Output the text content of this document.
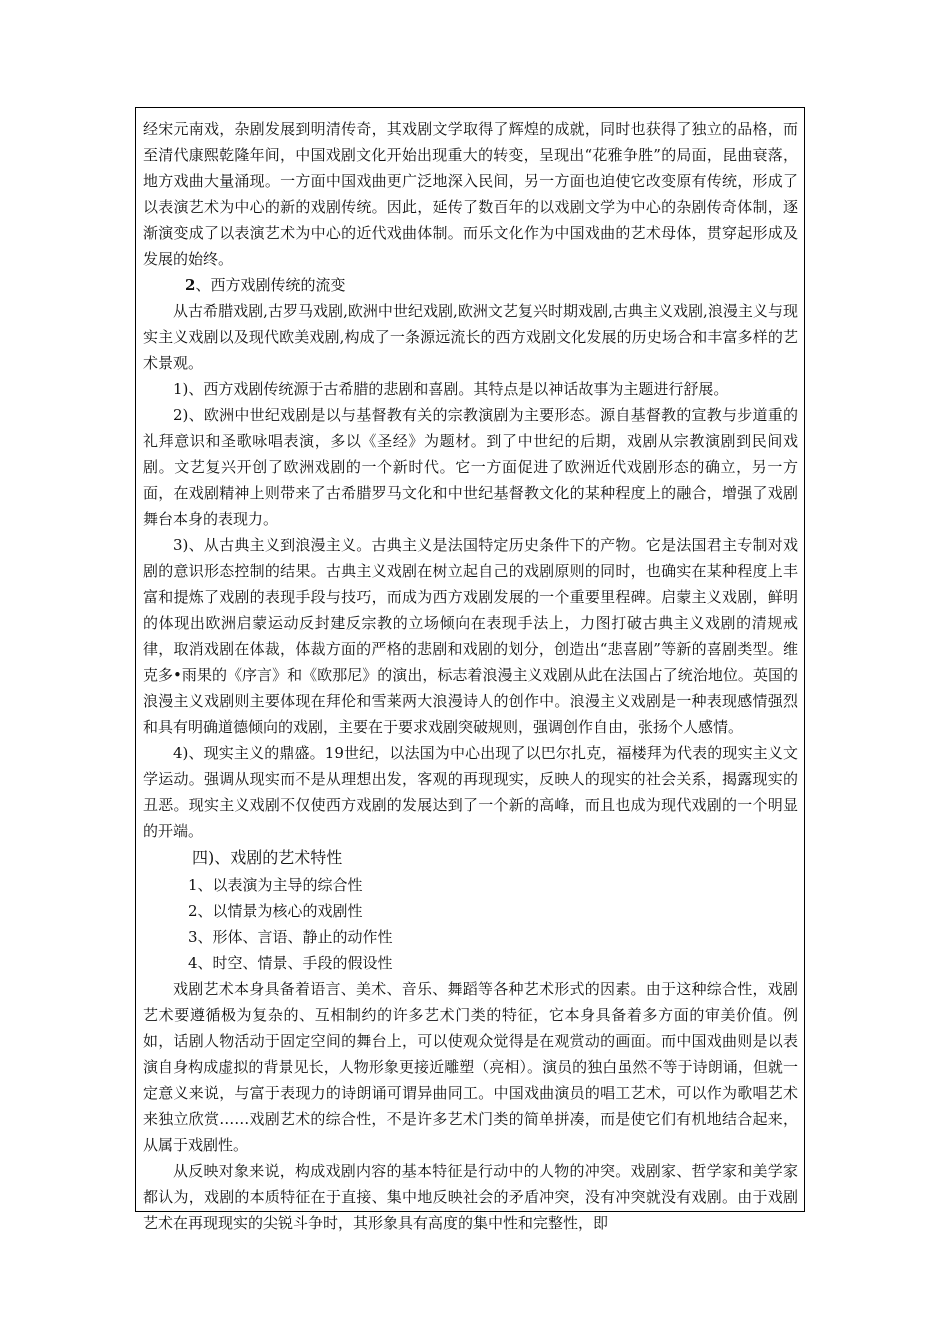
经宋元南戏，杂剧发展到明清传奇，其戏剧文学取得了辉煌的成就，同时也获得了独立的品格，而至清代康熙乾隆年间，中国戏剧文化开始出现重大的转变，呈现出“花雅争胜”的局面，昆曲衰落，地方戏曲大量涌现。一方面中国戏曲更广泛地深入民间，另一方面也迫使它改变原有传统，形成了以表演艺术为中心的新的戏剧传统。因此，延传了数百年的以戏剧文学为中心的杂剧传奇体制，逐渐演变成了以表演艺术为中心的近代戏曲体制。而乐文化作为中国戏曲的艺术母体，贯穿起形成及发展的始终。

2、西方戏剧传统的流变

从古希腊戏剧,古罗马戏剧,欧洲中世纪戏剧,欧洲文艺复兴时期戏剧,古典主义戏剧,浪漫主义与现实主义戏剧以及现代欧美戏剧,构成了一条源远流长的西方戏剧文化发展的历史场合和丰富多样的艺术景观。

1)、西方戏剧传统源于古希腊的悲剧和喜剧。其特点是以神话故事为主题进行舒展。

2)、欧洲中世纪戏剧是以与基督教有关的宗教演剧为主要形态。源自基督教的宣教与步道重的礼拜意识和圣歌咏唱表演，多以《圣经》为题材。到了中世纪的后期，戏剧从宗教演剧到民间戏剧。文艺复兴开创了欧洲戏剧的一个新时代。它一方面促进了欧洲近代戏剧形态的确立，另一方面，在戏剧精神上则带来了古希腊罗马文化和中世纪基督教文化的某种程度上的融合，增强了戏剧舞台本身的表现力。

3)、从古典主义到浪漫主义。古典主义是法国特定历史条件下的产物。它是法国君主专制对戏剧的意识形态控制的结果。古典主义戏剧在树立起自己的戏剧原则的同时，也确实在某种程度上丰富和提炼了戏剧的表现手段与技巧，而成为西方戏剧发展的一个重要里程碑。启蒙主义戏剧，鲜明的体现出欧洲启蒙运动反封建反宗教的立场倾向在表现手法上，力图打破古典主义戏剧的清规戒律，取消戏剧在体裁，体裁方面的严格的悲剧和戏剧的划分，创造出“悲喜剧”等新的喜剧类型。维克多•雨果的《序言》和《欧那尼》的演出，标志着浪漫主义戏剧从此在法国占了统治地位。英国的浪漫主义戏剧则主要体现在拜伦和雪莱两大浪漫诗人的创作中。浪漫主义戏剧是一种表现感情强烈和具有明确道德倾向的戏剧，主要在于要求戏剧突破规则，强调创作自由，张扬个人感情。

4)、现实主义的鼎盛。19世纪，以法国为中心出现了以巴尔扎克，福楼拜为代表的现实主义文学运动。强调从现实而不是从理想出发，客观的再现现实，反映人的现实的社会关系，揭露现实的丑恶。现实主义戏剧不仅使西方戏剧的发展达到了一个新的高峰，而且也成为现代戏剧的一个明显的开端。

四)、戏剧的艺术特性

1、以表演为主导的综合性

2、以情景为核心的戏剧性

3、形体、言语、静止的动作性

4、时空、情景、手段的假设性

戏剧艺术本身具备着语言、美术、音乐、舞蹈等各种艺术形式的因素。由于这种综合性，戏剧艺术要遵循极为复杂的、互相制约的许多艺术门类的特征，它本身具备着多方面的审美价值。例如，话剧人物活动于固定空间的舞台上，可以使观众觉得是在观赏动的画面。而中国戏曲则是以表演自身构成虚拟的背景见长，人物形象更接近雕塑（亮相）。演员的独白虽然不等于诗朗诵，但就一定意义来说，与富于表现力的诗朗诵可谓异曲同工。中国戏曲演员的唱工艺术，可以作为歌唱艺术来独立欣赏……戏剧艺术的综合性，不是许多艺术门类的简单拼凑，而是使它们有机地结合起来，从属于戏剧性。

从反映对象来说，构成戏剧内容的基本特征是行动中的人物的冲突。戏剧家、哲学家和美学家都认为，戏剧的本质特征在于直接、集中地反映社会的矛盾冲突，没有冲突就没有戏剧。由于戏剧艺术在再现现实的尖锐斗争时，其形象具有高度的集中性和完整性，即
